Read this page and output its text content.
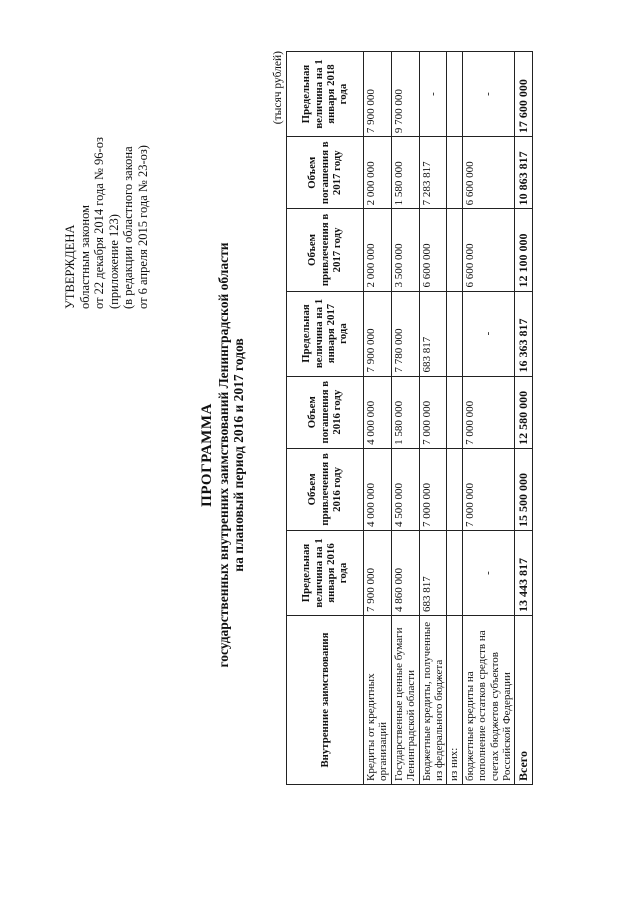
УТВЕРЖДЕНА областным законом от 22 декабря 2014 года № 96-оз (приложение 123) (в редакции областного закона от 6 апреля 2015 года № 23-оз)
ПРОГРАММА государственных внутренних заимствований Ленинградской области на плановый период 2016 и 2017 годов
(тысяч рублей)
Внутренние заимствования	Предельная величина на 1 января 2016 года	Объем привлечения в 2016 году	Объем погашения в 2016 году	Предельная величина на 1 января 2017 года	Объем привлечения в 2017 году	Объем погашения в 2017 году	Предельная величина на 1 января 2018 года
Кредиты от кредитных организаций	7 900 000	4 000 000	4 000 000	7 900 000	2 000 000	2 000 000	7 900 000
Государственные ценные бумаги Ленинградской области	4 860 000	4 500 000	1 580 000	7 780 000	3 500 000	1 580 000	9 700 000
Бюджетные кредиты, полученные из федерального бюджета	683 817	7 000 000	7 000 000	683 817	6 600 000	7 283 817	-
из них:							
бюджетные кредиты на пополнение остатков средств на счетах бюджетов субъектов Российской Федерации	-	7 000 000	7 000 000	-	6 600 000	6 600 000	-
Всего	13 443 817	15 500 000	12 580 000	16 363 817	12 100 000	10 863 817	17 600 000
